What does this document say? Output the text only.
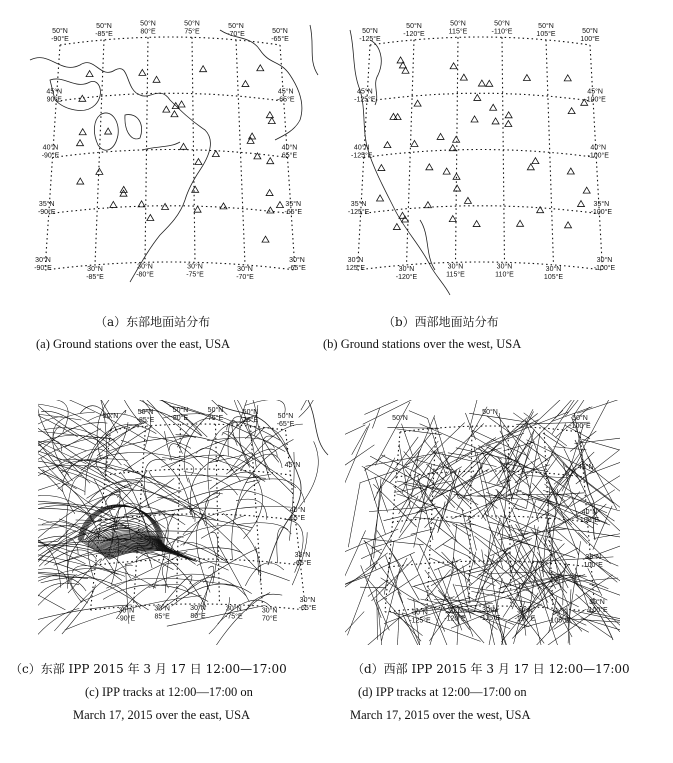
50°N
-90°E
50°N
-85°E
50°N
80°E
50°N
75°E
50°N
-70°E	50°N
-65°E
45°N
90°E
40°N
-90°E
35°N
-90°E
30°N
-90°E
45°N
-65°E
40°N
65°E
35°N
-65°E
30°N
-65°E
30°N
-85°E
30°N
-80°E
30°N
-75°E
30°N
-70°E
（a）东部地面站分布
(a) Ground stations over the east, USA
50°N
-125°E
50°N
-120°E
50°N
115°E
50°N
-110°E
50°N
105°E	50°N
100°E
45°N
-125°E
40°N
-125°E
35°N
-125°E
30°N
125°E
45°N
-100°E
40°N
-100°E
35°N
-100°E
30°N
-100°E
30°N
-120°E
30°N
115°E
30°N
110°E
30°N
105°E
（b）西部地面站分布
(b) Ground stations over the west, USA
50°N
50°N
-85°E
50°N
80°E
50°N
75°E
50°N
70°E
50°N
-65°E
45°N
40°N
65°E
35°N
-65°E
30°N
-65°E
30°N
-90°E
30°N
85°E
30°N
80°E
30°N
-75°E
30°N
70°E
（c）东部 IPP 2015 年 3 月 17 日 12:00—17:00
(c) IPP tracks at 12:00—17:00 on
March 17, 2015 over the east, USA
50°N
50°N
50°N
-100°E
45°N
40°N
100°E
35°N
100°E
30°N
-100°E
30°N
-125°E
30°N
-120°E
30°N
-115°E
30°N
-110°E
30°N
105°E
（d）西部 IPP 2015 年 3 月 17 日 12:00—17:00
(d) IPP tracks at 12:00—17:00 on
March 17, 2015 over the west, USA
